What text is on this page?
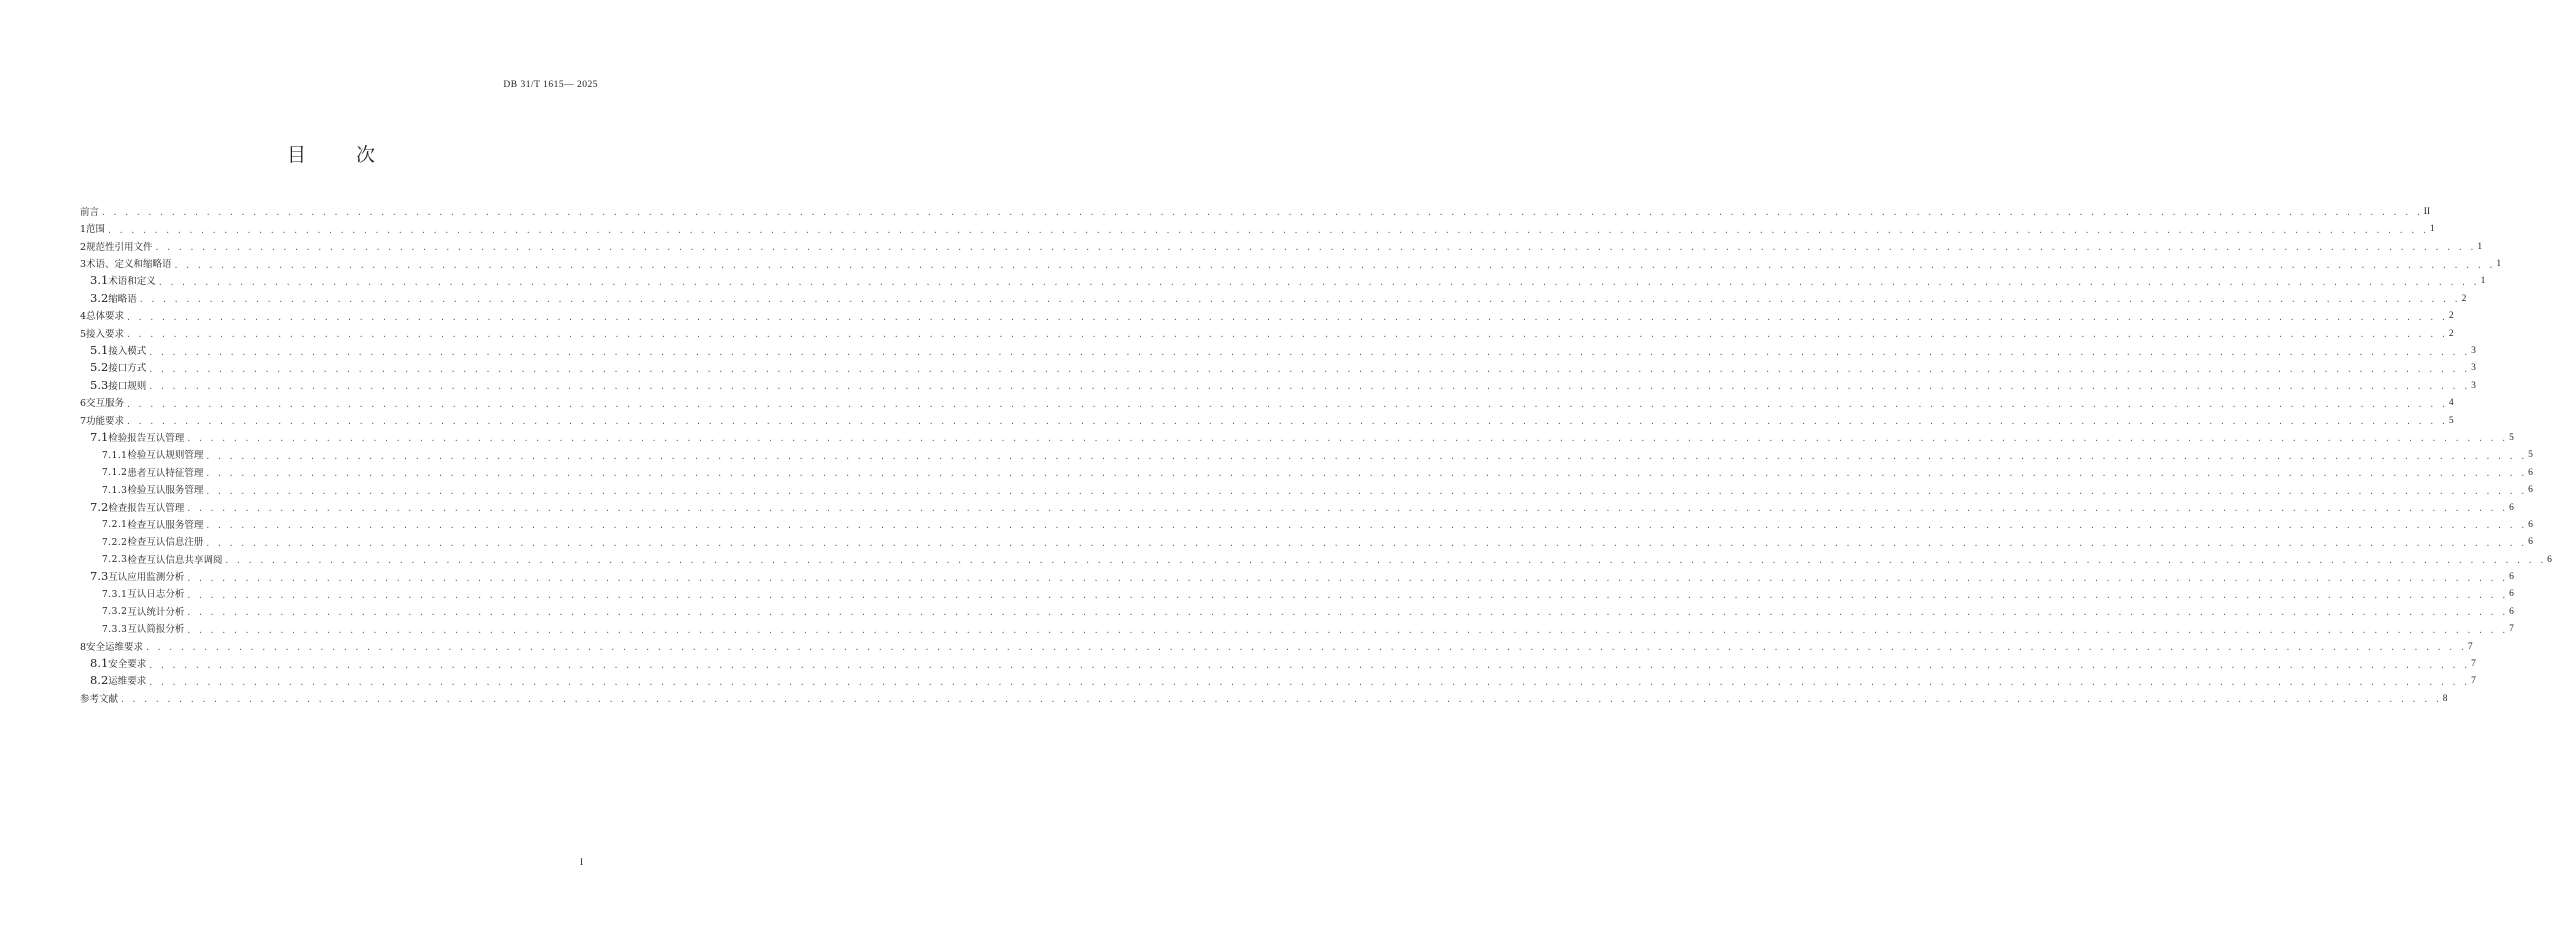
DB 31/T 1615— 2025
目	次
前言 . . . . . . . . . . . . . . . . . . . . . . . . . . . . . . . . . . . . . . . . . . . . . . . . . . . . . . . . . . . . . . . . . . . . . . . . . . . . . . . . . . . . . . . . . . . . . . . . . . . . . . . . . . . . . . . . . . . . . . . . . . . . . . . . . . . . . . . . . . . . . . . . . . . . . . . . . . . . . . . . . . . . . . . . . . . . . . . . . . . . . . . . . . . . . . . . . . . . . . . . II
1 范围 . . . . . . . . . . . . . . . . . . . . . . . . . . . . . . . . . . . . . . . . . . . . . . . . . . . . . . . . . . . . . . . . . . . . . . . . . . . . . . . . . . . . . . . . . . . . . . . . . . . . . . . . . . . . . . . . . . . . . . . . . . . . . . . . . . . . . . . . . . . . . . . . . . . . . . . . . . . . . . . . . . . . . . . . . . . . . . . . . . . . . . . . . . . . . . . . . . . . . . . . 1
2 规范性引用文件 . . . . . . . . . . . . . . . . . . . . . . . . . . . . . . . . . . . . . . . . . . . . . . . . . . . . . . . . . . . . . . . . . . . . . . . . . . . . . . . . . . . . . . . . . . . . . . . . . . . . . . . . . . . . . . . . . . . . . . . . . . . . . . . . . . . . . . . . . . . . . . . . . . . . . . . . . . . . . . . . . . . . . . . . . . . . . . . . . . . . . . . . . . . . . . . . . . . . . . . . 1
3 术语、定义和缩略语 . . . . . . . . . . . . . . . . . . . . . . . . . . . . . . . . . . . . . . . . . . . . . . . . . . . . . . . . . . . . . . . . . . . . . . . . . . . . . . . . . . . . . . . . . . . . . . . . . . . . . . . . . . . . . . . . . . . . . . . . . . . . . . . . . . . . . . . . . . . . . . . . . . . . . . . . . . . . . . . . . . . . . . . . . . . . . . . . . . . . . . . . . . . . . . . . . . . . . . . . 1
3.1 术语和定义 . . . . . . . . . . . . . . . . . . . . . . . . . . . . . . . . . . . . . . . . . . . . . . . . . . . . . . . . . . . . . . . . . . . . . . . . . . . . . . . . . . . . . . . . . . . . . . . . . . . . . . . . . . . . . . . . . . . . . . . . . . . . . . . . . . . . . . . . . . . . . . . . . . . . . . . . . . . . . . . . . . . . . . . . . . . . . . . . . . . . . . . . . . . . . . . . . . . . . . . . 1
3.2 缩略语 . . . . . . . . . . . . . . . . . . . . . . . . . . . . . . . . . . . . . . . . . . . . . . . . . . . . . . . . . . . . . . . . . . . . . . . . . . . . . . . . . . . . . . . . . . . . . . . . . . . . . . . . . . . . . . . . . . . . . . . . . . . . . . . . . . . . . . . . . . . . . . . . . . . . . . . . . . . . . . . . . . . . . . . . . . . . . . . . . . . . . . . . . . . . . . . . . . . . . . . . 2
4 总体要求 . . . . . . . . . . . . . . . . . . . . . . . . . . . . . . . . . . . . . . . . . . . . . . . . . . . . . . . . . . . . . . . . . . . . . . . . . . . . . . . . . . . . . . . . . . . . . . . . . . . . . . . . . . . . . . . . . . . . . . . . . . . . . . . . . . . . . . . . . . . . . . . . . . . . . . . . . . . . . . . . . . . . . . . . . . . . . . . . . . . . . . . . . . . . . . . . . . . . . . . . 2
5 接入要求 . . . . . . . . . . . . . . . . . . . . . . . . . . . . . . . . . . . . . . . . . . . . . . . . . . . . . . . . . . . . . . . . . . . . . . . . . . . . . . . . . . . . . . . . . . . . . . . . . . . . . . . . . . . . . . . . . . . . . . . . . . . . . . . . . . . . . . . . . . . . . . . . . . . . . . . . . . . . . . . . . . . . . . . . . . . . . . . . . . . . . . . . . . . . . . . . . . . . . . . . 2
5.1 接入模式 . . . . . . . . . . . . . . . . . . . . . . . . . . . . . . . . . . . . . . . . . . . . . . . . . . . . . . . . . . . . . . . . . . . . . . . . . . . . . . . . . . . . . . . . . . . . . . . . . . . . . . . . . . . . . . . . . . . . . . . . . . . . . . . . . . . . . . . . . . . . . . . . . . . . . . . . . . . . . . . . . . . . . . . . . . . . . . . . . . . . . . . . . . . . . . . . . . . . . . . . 3
5.2 接口方式 . . . . . . . . . . . . . . . . . . . . . . . . . . . . . . . . . . . . . . . . . . . . . . . . . . . . . . . . . . . . . . . . . . . . . . . . . . . . . . . . . . . . . . . . . . . . . . . . . . . . . . . . . . . . . . . . . . . . . . . . . . . . . . . . . . . . . . . . . . . . . . . . . . . . . . . . . . . . . . . . . . . . . . . . . . . . . . . . . . . . . . . . . . . . . . . . . . . . . . . . 3
5.3 接口规则 . . . . . . . . . . . . . . . . . . . . . . . . . . . . . . . . . . . . . . . . . . . . . . . . . . . . . . . . . . . . . . . . . . . . . . . . . . . . . . . . . . . . . . . . . . . . . . . . . . . . . . . . . . . . . . . . . . . . . . . . . . . . . . . . . . . . . . . . . . . . . . . . . . . . . . . . . . . . . . . . . . . . . . . . . . . . . . . . . . . . . . . . . . . . . . . . . . . . . . . . 3
6 交互服务 . . . . . . . . . . . . . . . . . . . . . . . . . . . . . . . . . . . . . . . . . . . . . . . . . . . . . . . . . . . . . . . . . . . . . . . . . . . . . . . . . . . . . . . . . . . . . . . . . . . . . . . . . . . . . . . . . . . . . . . . . . . . . . . . . . . . . . . . . . . . . . . . . . . . . . . . . . . . . . . . . . . . . . . . . . . . . . . . . . . . . . . . . . . . . . . . . . . . . . . . 4
7 功能要求 . . . . . . . . . . . . . . . . . . . . . . . . . . . . . . . . . . . . . . . . . . . . . . . . . . . . . . . . . . . . . . . . . . . . . . . . . . . . . . . . . . . . . . . . . . . . . . . . . . . . . . . . . . . . . . . . . . . . . . . . . . . . . . . . . . . . . . . . . . . . . . . . . . . . . . . . . . . . . . . . . . . . . . . . . . . . . . . . . . . . . . . . . . . . . . . . . . . . . . . . 5
7.1 检验报告互认管理 . . . . . . . . . . . . . . . . . . . . . . . . . . . . . . . . . . . . . . . . . . . . . . . . . . . . . . . . . . . . . . . . . . . . . . . . . . . . . . . . . . . . . . . . . . . . . . . . . . . . . . . . . . . . . . . . . . . . . . . . . . . . . . . . . . . . . . . . . . . . . . . . . . . . . . . . . . . . . . . . . . . . . . . . . . . . . . . . . . . . . . . . . . . . . . . . . . . . . . . . 5
7.1.1 检验互认规则管理 . . . . . . . . . . . . . . . . . . . . . . . . . . . . . . . . . . . . . . . . . . . . . . . . . . . . . . . . . . . . . . . . . . . . . . . . . . . . . . . . . . . . . . . . . . . . . . . . . . . . . . . . . . . . . . . . . . . . . . . . . . . . . . . . . . . . . . . . . . . . . . . . . . . . . . . . . . . . . . . . . . . . . . . . . . . . . . . . . . . . . . . . . . . . . . . . . . . . . . . . 5
7.1.2 患者互认特征管理 . . . . . . . . . . . . . . . . . . . . . . . . . . . . . . . . . . . . . . . . . . . . . . . . . . . . . . . . . . . . . . . . . . . . . . . . . . . . . . . . . . . . . . . . . . . . . . . . . . . . . . . . . . . . . . . . . . . . . . . . . . . . . . . . . . . . . . . . . . . . . . . . . . . . . . . . . . . . . . . . . . . . . . . . . . . . . . . . . . . . . . . . . . . . . . . . . . . . . . . . 6
7.1.3 检验互认服务管理 . . . . . . . . . . . . . . . . . . . . . . . . . . . . . . . . . . . . . . . . . . . . . . . . . . . . . . . . . . . . . . . . . . . . . . . . . . . . . . . . . . . . . . . . . . . . . . . . . . . . . . . . . . . . . . . . . . . . . . . . . . . . . . . . . . . . . . . . . . . . . . . . . . . . . . . . . . . . . . . . . . . . . . . . . . . . . . . . . . . . . . . . . . . . . . . . . . . . . . . . 6
7.2 检查报告互认管理 . . . . . . . . . . . . . . . . . . . . . . . . . . . . . . . . . . . . . . . . . . . . . . . . . . . . . . . . . . . . . . . . . . . . . . . . . . . . . . . . . . . . . . . . . . . . . . . . . . . . . . . . . . . . . . . . . . . . . . . . . . . . . . . . . . . . . . . . . . . . . . . . . . . . . . . . . . . . . . . . . . . . . . . . . . . . . . . . . . . . . . . . . . . . . . . . . . . . . . . . 6
7.2.1 检查互认服务管理 . . . . . . . . . . . . . . . . . . . . . . . . . . . . . . . . . . . . . . . . . . . . . . . . . . . . . . . . . . . . . . . . . . . . . . . . . . . . . . . . . . . . . . . . . . . . . . . . . . . . . . . . . . . . . . . . . . . . . . . . . . . . . . . . . . . . . . . . . . . . . . . . . . . . . . . . . . . . . . . . . . . . . . . . . . . . . . . . . . . . . . . . . . . . . . . . . . . . . . . . 6
7.2.2 检查互认信息注册 . . . . . . . . . . . . . . . . . . . . . . . . . . . . . . . . . . . . . . . . . . . . . . . . . . . . . . . . . . . . . . . . . . . . . . . . . . . . . . . . . . . . . . . . . . . . . . . . . . . . . . . . . . . . . . . . . . . . . . . . . . . . . . . . . . . . . . . . . . . . . . . . . . . . . . . . . . . . . . . . . . . . . . . . . . . . . . . . . . . . . . . . . . . . . . . . . . . . . . . . 6
7.2.3 检查互认信息共享调阅 . . . . . . . . . . . . . . . . . . . . . . . . . . . . . . . . . . . . . . . . . . . . . . . . . . . . . . . . . . . . . . . . . . . . . . . . . . . . . . . . . . . . . . . . . . . . . . . . . . . . . . . . . . . . . . . . . . . . . . . . . . . . . . . . . . . . . . . . . . . . . . . . . . . . . . . . . . . . . . . . . . . . . . . . . . . . . . . . . . . . . . . . . . . . . . . . . . . . . . . . 6
7.3 互认应用监测分析 . . . . . . . . . . . . . . . . . . . . . . . . . . . . . . . . . . . . . . . . . . . . . . . . . . . . . . . . . . . . . . . . . . . . . . . . . . . . . . . . . . . . . . . . . . . . . . . . . . . . . . . . . . . . . . . . . . . . . . . . . . . . . . . . . . . . . . . . . . . . . . . . . . . . . . . . . . . . . . . . . . . . . . . . . . . . . . . . . . . . . . . . . . . . . . . . . . . . . . . . 6
7.3.1 互认日志分析 . . . . . . . . . . . . . . . . . . . . . . . . . . . . . . . . . . . . . . . . . . . . . . . . . . . . . . . . . . . . . . . . . . . . . . . . . . . . . . . . . . . . . . . . . . . . . . . . . . . . . . . . . . . . . . . . . . . . . . . . . . . . . . . . . . . . . . . . . . . . . . . . . . . . . . . . . . . . . . . . . . . . . . . . . . . . . . . . . . . . . . . . . . . . . . . . . . . . . . . . 6
7.3.2 互认统计分析 . . . . . . . . . . . . . . . . . . . . . . . . . . . . . . . . . . . . . . . . . . . . . . . . . . . . . . . . . . . . . . . . . . . . . . . . . . . . . . . . . . . . . . . . . . . . . . . . . . . . . . . . . . . . . . . . . . . . . . . . . . . . . . . . . . . . . . . . . . . . . . . . . . . . . . . . . . . . . . . . . . . . . . . . . . . . . . . . . . . . . . . . . . . . . . . . . . . . . . . . 6
7.3.3 互认简报分析 . . . . . . . . . . . . . . . . . . . . . . . . . . . . . . . . . . . . . . . . . . . . . . . . . . . . . . . . . . . . . . . . . . . . . . . . . . . . . . . . . . . . . . . . . . . . . . . . . . . . . . . . . . . . . . . . . . . . . . . . . . . . . . . . . . . . . . . . . . . . . . . . . . . . . . . . . . . . . . . . . . . . . . . . . . . . . . . . . . . . . . . . . . . . . . . . . . . . . . . . 7
8 安全运维要求 . . . . . . . . . . . . . . . . . . . . . . . . . . . . . . . . . . . . . . . . . . . . . . . . . . . . . . . . . . . . . . . . . . . . . . . . . . . . . . . . . . . . . . . . . . . . . . . . . . . . . . . . . . . . . . . . . . . . . . . . . . . . . . . . . . . . . . . . . . . . . . . . . . . . . . . . . . . . . . . . . . . . . . . . . . . . . . . . . . . . . . . . . . . . . . . . . . . . . . . . 7
8.1 安全要求 . . . . . . . . . . . . . . . . . . . . . . . . . . . . . . . . . . . . . . . . . . . . . . . . . . . . . . . . . . . . . . . . . . . . . . . . . . . . . . . . . . . . . . . . . . . . . . . . . . . . . . . . . . . . . . . . . . . . . . . . . . . . . . . . . . . . . . . . . . . . . . . . . . . . . . . . . . . . . . . . . . . . . . . . . . . . . . . . . . . . . . . . . . . . . . . . . . . . . . . . 7
8.2 运维要求 . . . . . . . . . . . . . . . . . . . . . . . . . . . . . . . . . . . . . . . . . . . . . . . . . . . . . . . . . . . . . . . . . . . . . . . . . . . . . . . . . . . . . . . . . . . . . . . . . . . . . . . . . . . . . . . . . . . . . . . . . . . . . . . . . . . . . . . . . . . . . . . . . . . . . . . . . . . . . . . . . . . . . . . . . . . . . . . . . . . . . . . . . . . . . . . . . . . . . . . . 7
参考文献 . . . . . . . . . . . . . . . . . . . . . . . . . . . . . . . . . . . . . . . . . . . . . . . . . . . . . . . . . . . . . . . . . . . . . . . . . . . . . . . . . . . . . . . . . . . . . . . . . . . . . . . . . . . . . . . . . . . . . . . . . . . . . . . . . . . . . . . . . . . . . . . . . . . . . . . . . . . . . . . . . . . . . . . . . . . . . . . . . . . . . . . . . . . . . . . . . . . . . . . . 8
I
